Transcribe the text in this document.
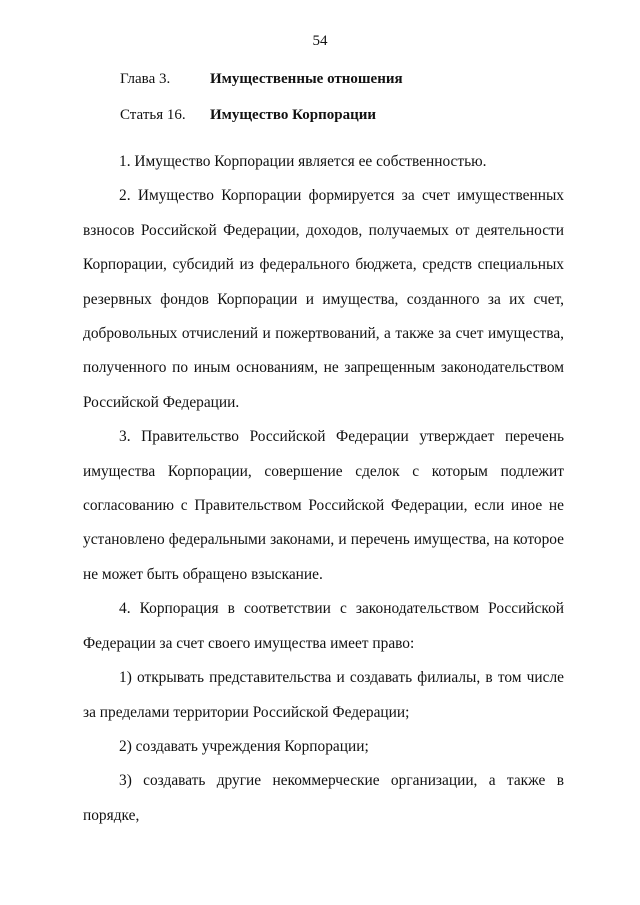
54
Глава 3.	Имущественные отношения
Статья 16. Имущество Корпорации

1. Имущество Корпорации является ее собственностью.

2. Имущество Корпорации формируется за счет имущественных взносов Российской Федерации, доходов, получаемых от деятельности Корпорации, субсидий из федерального бюджета, средств специальных резервных фондов Корпорации и имущества, созданного за их счет, добровольных отчислений и пожертвований, а также за счет имущества, полученного по иным основаниям, не запрещенным законодательством Российской Федерации.

3. Правительство Российской Федерации утверждает перечень имущества Корпорации, совершение сделок с которым подлежит согласованию с Правительством Российской Федерации, если иное не установлено федеральными законами, и перечень имущества, на которое не может быть обращено взыскание.

4. Корпорация в соответствии с законодательством Российской Федерации за счет своего имущества имеет право:

1) открывать представительства и создавать филиалы, в том числе за пределами территории Российской Федерации;

2) создавать учреждения Корпорации;

3) создавать другие некоммерческие организации, а также в порядке,
